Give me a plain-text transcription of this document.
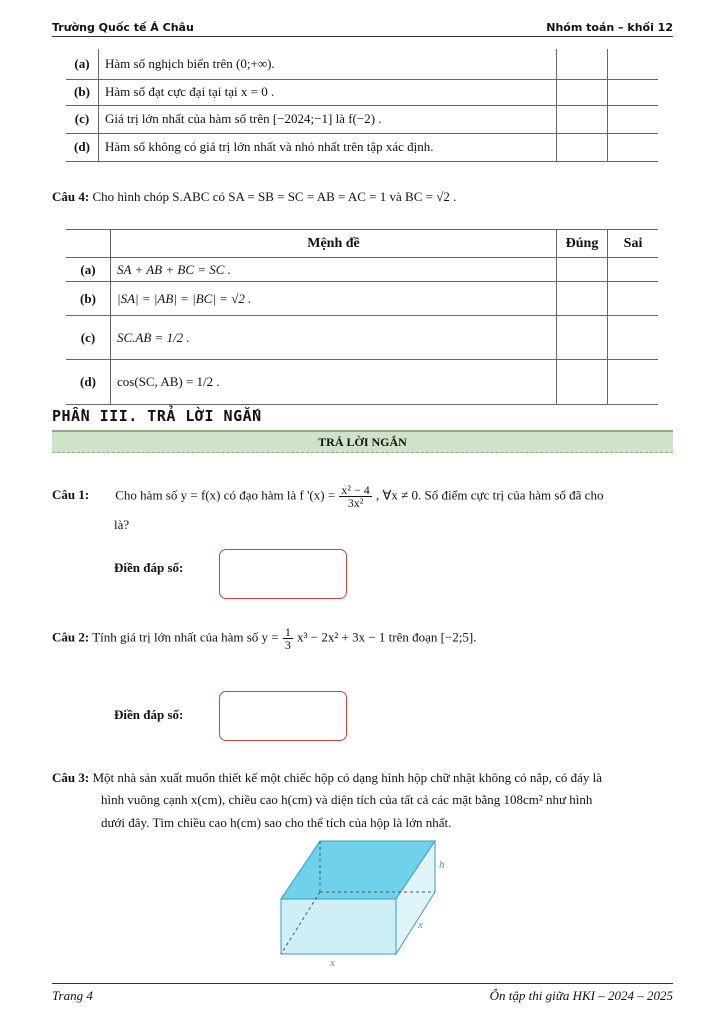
Trường Quốc tế Á Châu	Nhóm toán – khối 12
(a)	Hàm số nghịch biến trên (0;+∞).		
(b)	Hàm số đạt cực đại tại tại x = 0 .		
(c)	Giá trị lớn nhất của hàm số trên [−2024;−1] là f(−2) .		
(d)	Hàm số không có giá trị lớn nhất và nhỏ nhất trên tập xác định.		
Câu 4: Cho hình chóp S.ABC có SA = SB = SC = AB = AC = 1 và BC = √2 .
	Mệnh đề	Đúng	Sai
(a)	SA + AB + BC = SC .		
(b)	|SA| = |AB| = |BC| = √2 .		
(c)	SC.AB = 1/2 .		
(d)	cos(SC, AB) = 1/2 .		
PHẦN III. TRẢ LỜI NGẮN
TRẢ LỜI NGẮN
Câu 1: Cho hàm số y = f(x) có đạo hàm là f '$(x) = \frac{\text{x² − 4}}{\text{3x²}}$ , ∀x ≠ 0. Số điểm cực trị của hàm số đã cho
là?
Điền đáp số:
Câu 2: Tính giá trị lớn nhất của hàm số $y = \frac{1}{3} x^3 - 2x^2 + 3x - 1$ trên đoạn [−2;5].
Điền đáp số:
Câu 3: Một nhà sản xuất muốn thiết kế một chiếc hộp có dạng hình hộp chữ nhật không có nắp, có đáy là
hình vuông cạnh x(cm), chiều cao h(cm) và diện tích của tất cả các mặt bằng 108cm² như hình
dưới đây. Tìm chiều cao h(cm) sao cho thể tích của hộp là lớn nhất.
h
x
x
Trang 4	Ôn tập thi giữa HKI – 2024 – 2025
